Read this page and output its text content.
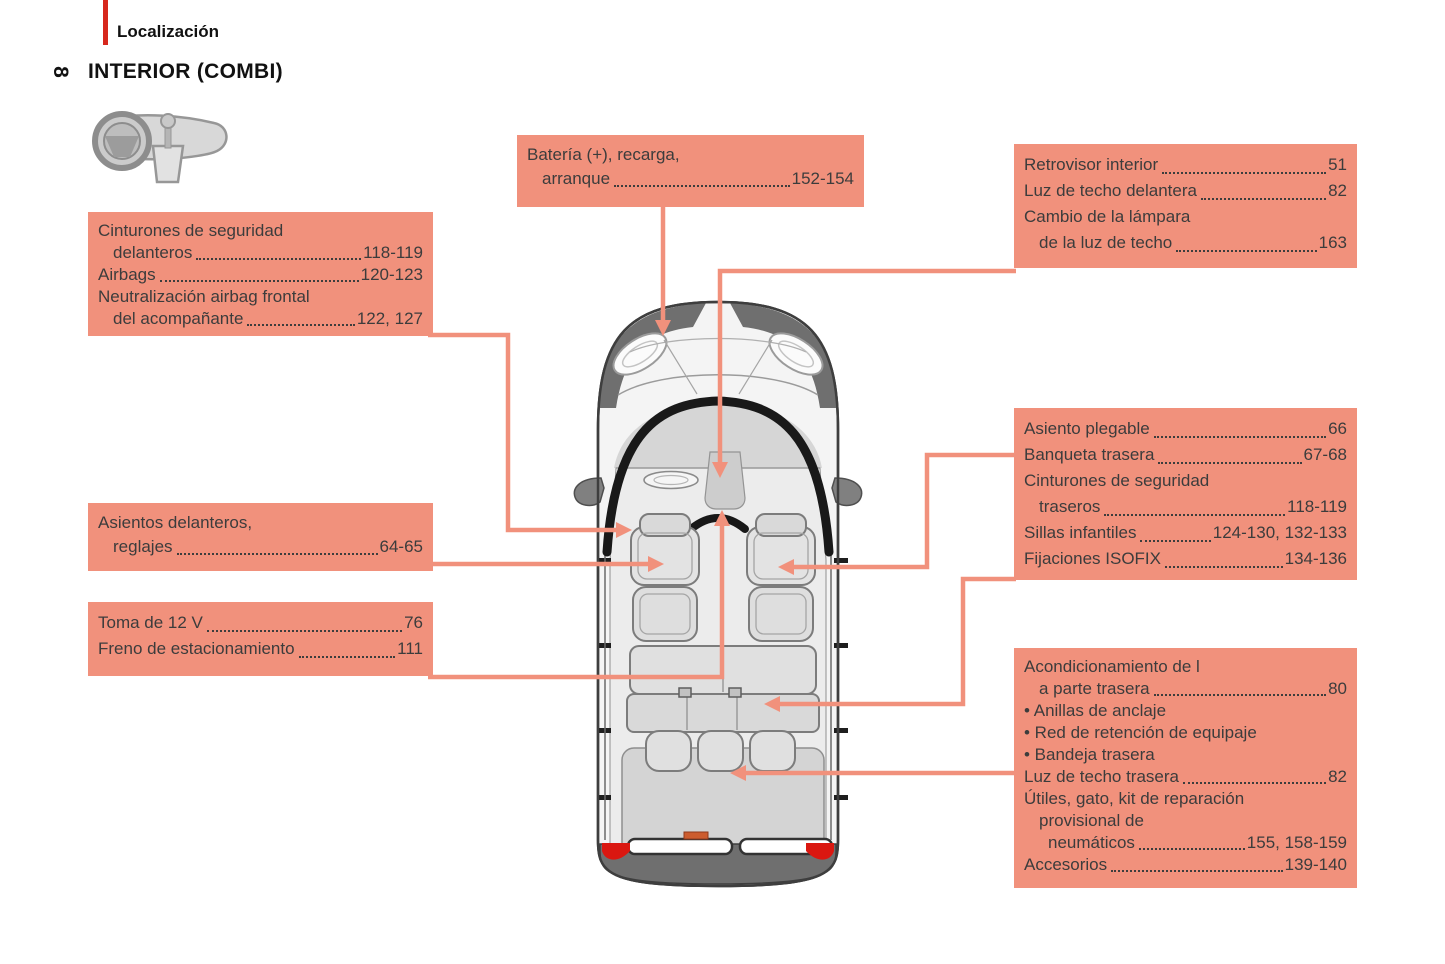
Localización
8 INTERIOR (COMBI)
Batería (+), recarga,
arranque	152-154
Retrovisor interior	51
Luz de techo delantera	82
Cambio de la lámpara
de la luz de techo	163
Cinturones de seguridad
delanteros	118-119
Airbags	120-123
Neutralización airbag frontal
del acompañante	122, 127
Asientos delanteros,
reglajes	64-65
Toma de 12 V	76
Freno de estacionamiento	111
Asiento plegable	66
Banqueta trasera	67-68
Cinturones de seguridad
traseros	118-119
Sillas infantiles	124-130, 132-133
Fijaciones ISOFIX	134-136
Acondicionamiento de l
a parte trasera	80
• Anillas de anclaje
• Red de retención de equipaje
• Bandeja trasera
Luz de techo trasera	82
Útiles, gato, kit de reparación
provisional de
neumáticos	155, 158-159
Accesorios	139-140
